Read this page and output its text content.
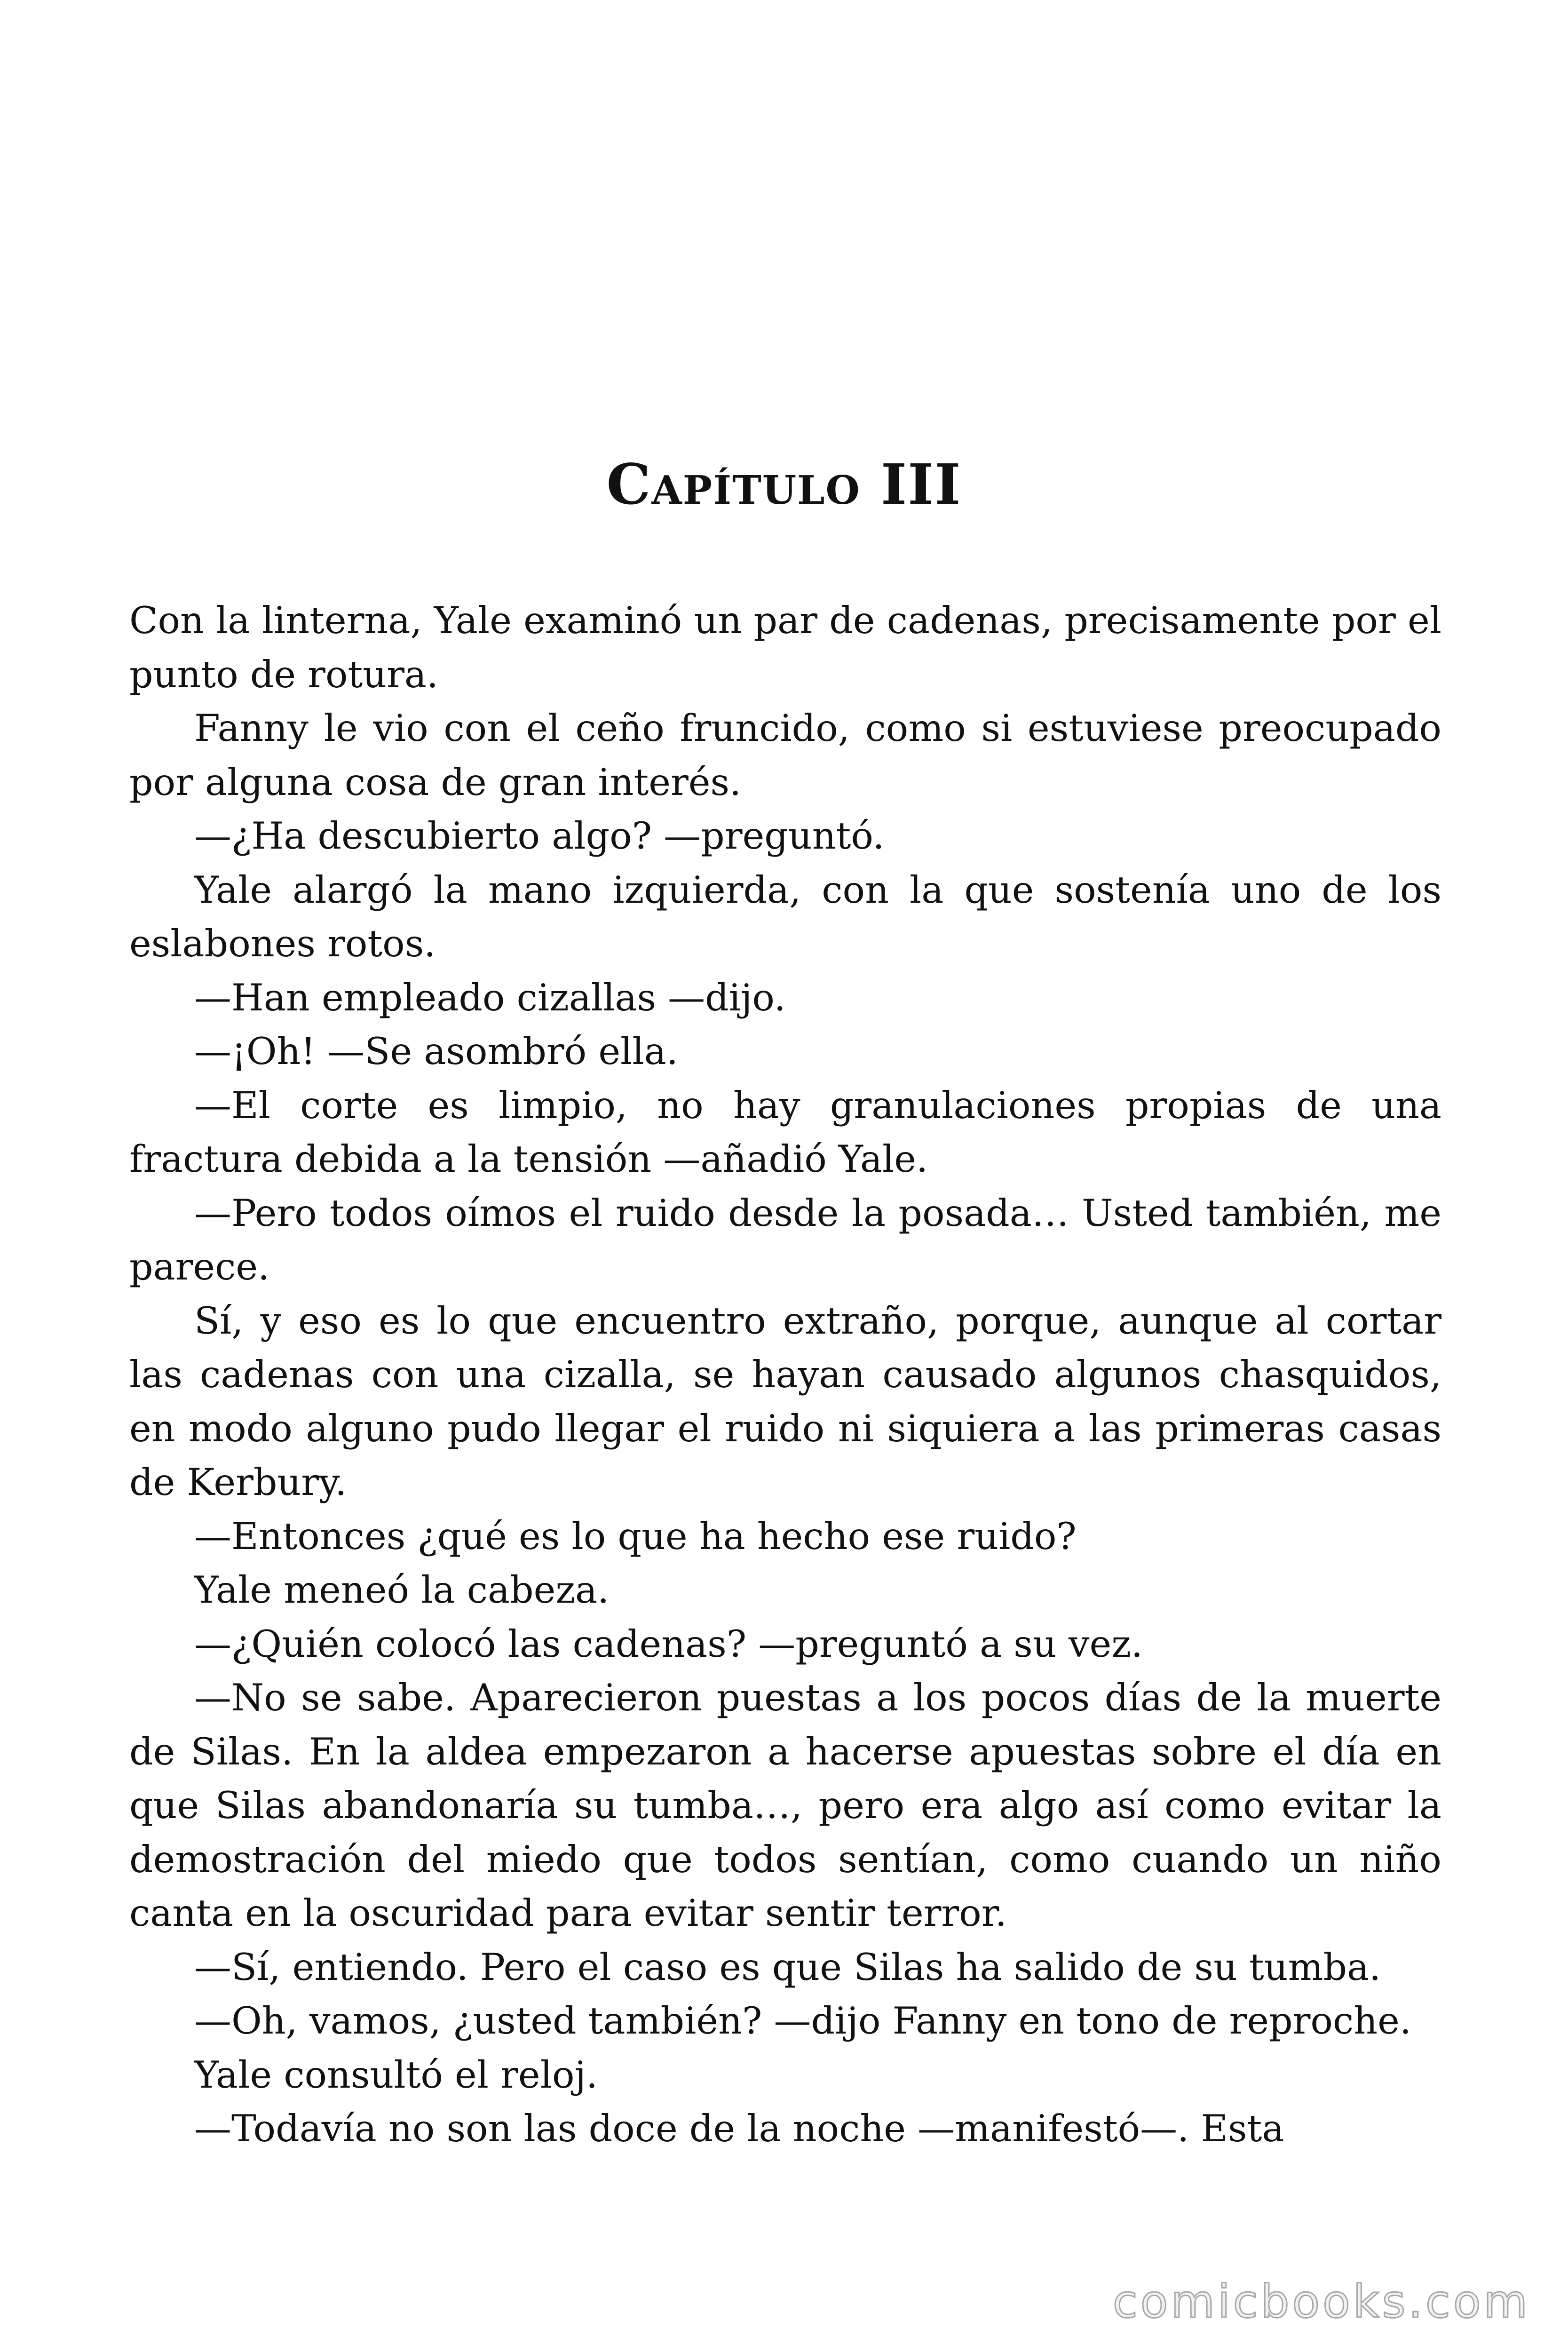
Capítulo III

Con la linterna, Yale examinó un par de cadenas, precisamente por el punto de rotura.

Fanny le vio con el ceño fruncido, como si estuviese preocupado por alguna cosa de gran interés.

—¿Ha descubierto algo? —preguntó.

Yale alargó la mano izquierda, con la que sostenía uno de los eslabones rotos.

—Han empleado cizallas —dijo.

—¡Oh! —Se asombró ella.

—El corte es limpio, no hay granulaciones propias de una fractura debida a la tensión —añadió Yale.

—Pero todos oímos el ruido desde la posada… Usted también, me parece.

Sí, y eso es lo que encuentro extraño, porque, aunque al cortar las cadenas con una cizalla, se hayan causado algunos chasquidos, en modo alguno pudo llegar el ruido ni siquiera a las primeras casas de Kerbury.

—Entonces ¿qué es lo que ha hecho ese ruido?

Yale meneó la cabeza.

—¿Quién colocó las cadenas? —preguntó a su vez.

—No se sabe. Aparecieron puestas a los pocos días de la muerte de Silas. En la aldea empezaron a hacerse apuestas sobre el día en que Silas abandonaría su tumba…, pero era algo así como evitar la demostración del miedo que todos sentían, como cuando un niño canta en la oscuridad para evitar sentir terror.

—Sí, entiendo. Pero el caso es que Silas ha salido de su tumba.

—Oh, vamos, ¿usted también? —dijo Fanny en tono de reproche.

Yale consultó el reloj.

—Todavía no son las doce de la noche —manifestó—. Esta

comicbooks.com
